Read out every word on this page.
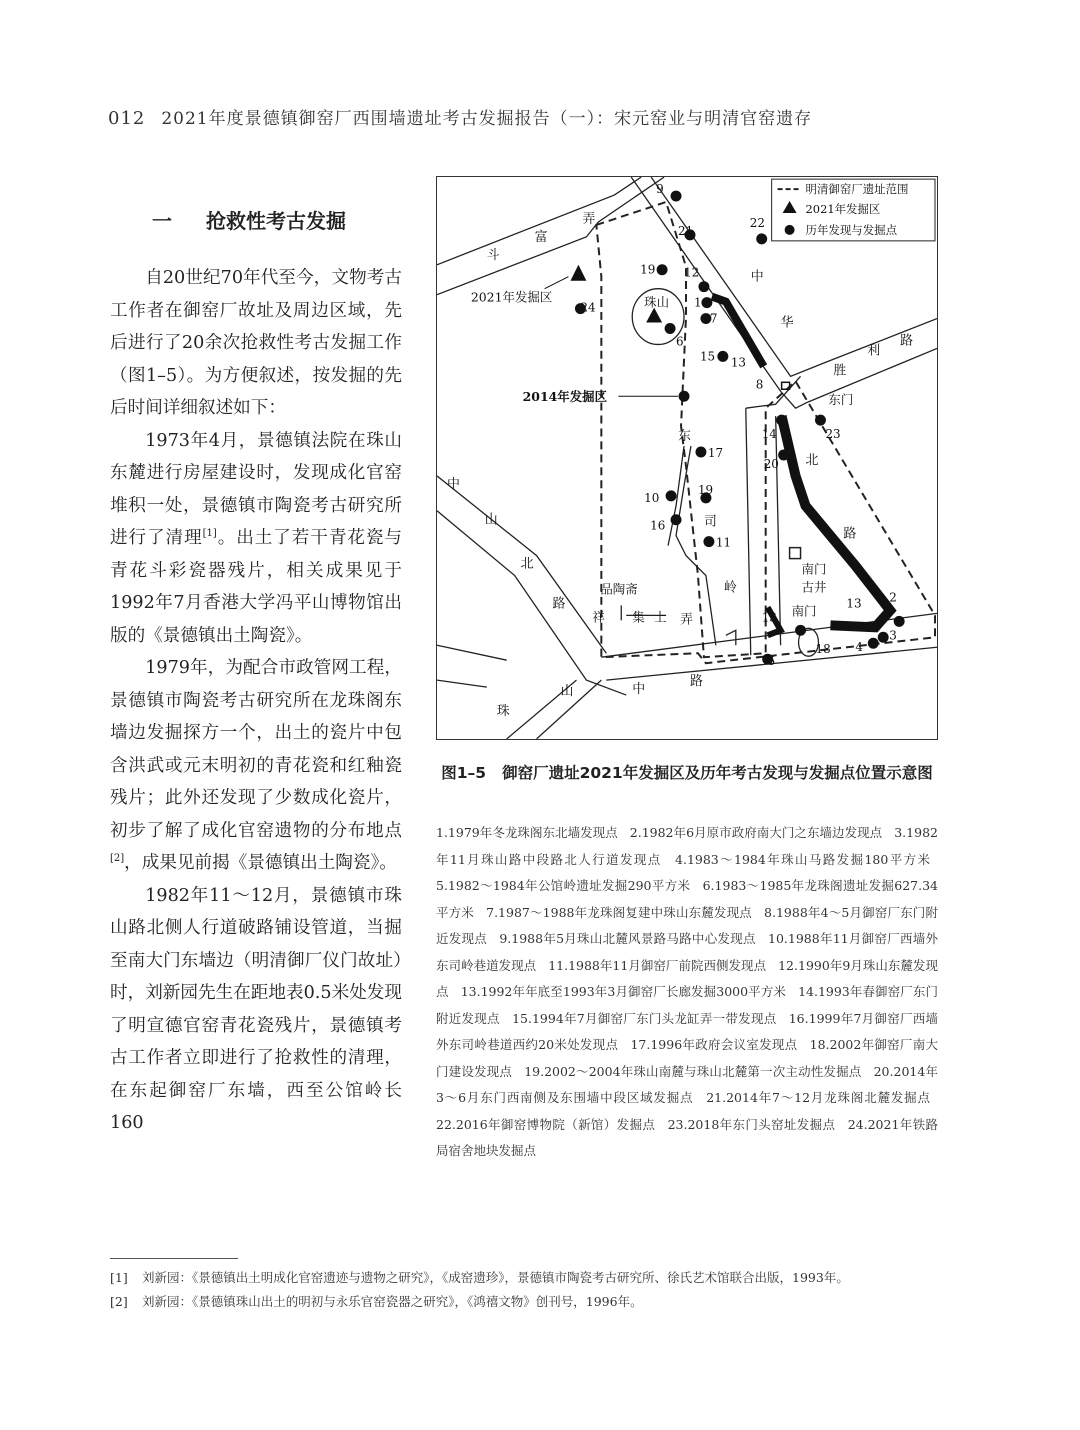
012 2021年度景德镇御窑厂西围墙遗址考古发掘报告（一）：宋元窑业与明清官窑遗存
一 抢救性考古发掘

自20世纪70年代至今，文物考古工作者在御窑厂故址及周边区域，先后进行了20余次抢救性考古发掘工作（图1–5）。为方便叙述，按发掘的先后时间详细叙述如下：

1973年4月，景德镇法院在珠山东麓进行房屋建设时，发现成化官窑堆积一处，景德镇市陶瓷考古研究所进行了清理[1]。出土了若干青花瓷与青花斗彩瓷器残片，相关成果见于1992年7月香港大学冯平山博物馆出版的《景德镇出土陶瓷》。

1979年，为配合市政管网工程，景德镇市陶瓷考古研究所在龙珠阁东墙边发掘探方一个，出土的瓷片中包含洪武或元末明初的青花瓷和红釉瓷残片；此外还发现了少数成化瓷片，初步了解了成化官窑遗物的分布地点[2]，成果见前揭《景德镇出土陶瓷》。

1982年11～12月，景德镇市珠山路北侧人行道破路铺设管道，当掘至南大门东墙边（明清御厂仪门故址）时，刘新园先生在距地表0.5米处发现了明宣德官窑青花瓷残片，景德镇考古工作者立即进行了抢救性的清理，在东起御窑厂东墙，西至公馆岭长160

9
21
22
19 12
1
7
6
15 13
8
14
20
23
17
10
19
16
11
13
13
2
3
4
5
18
24
斗
富
弄
中
华
路
利
胜
北
路
东
司
岭
弄
中
山
北
路
珠
山	中
路
珠山
2021年发掘区
2014年发掘区	东门
南门
古井
南门
品陶斋
祥 集 上
明清御窑厂遗址范围
2021年发掘区
历年发现与发掘点
图1–5 御窑厂遗址2021年发掘区及历年考古发现与发掘点位置示意图
1.1979年冬龙珠阁东北墙发现点 2.1982年6月原市政府南大门之东墙边发现点 3.1982年11月珠山路中段路北人行道发现点 4.1983～1984年珠山马路发掘180平方米 5.1982～1984年公馆岭遗址发掘290平方米 6.1983～1985年龙珠阁遗址发掘627.34平方米 7.1987～1988年龙珠阁复建中珠山东麓发现点 8.1988年4～5月御窑厂东门附近发现点 9.1988年5月珠山北麓风景路马路中心发现点 10.1988年11月御窑厂西墙外东司岭巷道发现点 11.1988年11月御窑厂前院西侧发现点 12.1990年9月珠山东麓发现点 13.1992年年底至1993年3月御窑厂长廊发掘3000平方米 14.1993年春御窑厂东门附近发现点 15.1994年7月御窑厂东门头龙缸弄一带发现点 16.1999年7月御窑厂西墙外东司岭巷道西约20米处发现点 17.1996年政府会议室发现点 18.2002年御窑厂南大门建设发现点 19.2002～2004年珠山南麓与珠山北麓第一次主动性发掘点 20.2014年3～6月东门西南侧及东围墙中段区域发掘点 21.2014年7～12月龙珠阁北麓发掘点 22.2016年御窑博物院（新馆）发掘点 23.2018年东门头窑址发掘点 24.2021年铁路局宿舍地块发掘点
[1]	刘新园：《景德镇出土明成化官窑遗迹与遗物之研究》，《成窑遗珍》，景德镇市陶瓷考古研究所、徐氏艺术馆联合出版，1993年。
[2]	刘新园：《景德镇珠山出土的明初与永乐官窑瓷器之研究》，《鸿禧文物》创刊号，1996年。
